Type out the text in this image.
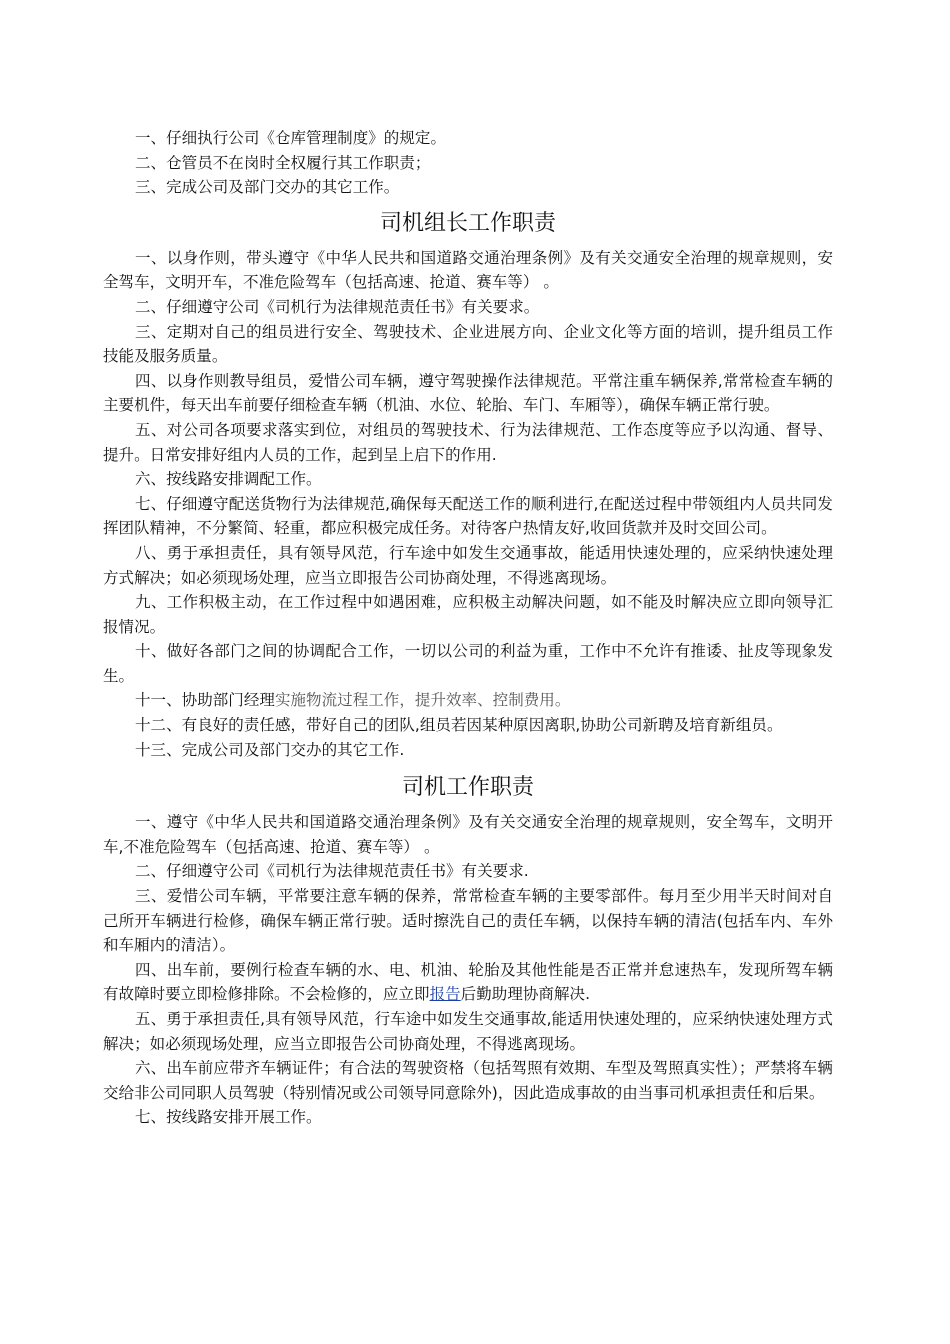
一、仔细执行公司《仓库管理制度》的规定。

二、仓管员不在岗时全权履行其工作职责；

三、完成公司及部门交办的其它工作。

司机组长工作职责

一、以身作则，带头遵守《中华人民共和国道路交通治理条例》及有关交通安全治理的规章规则，安全驾车，文明开车，不准危险驾车（包括高速、抢道、赛车等） 。

二、仔细遵守公司《司机行为法律规范责任书》有关要求。

三、定期对自己的组员进行安全、驾驶技术、企业进展方向、企业文化等方面的培训，提升组员工作技能及服务质量。

四、以身作则教导组员，爱惜公司车辆，遵守驾驶操作法律规范。平常注重车辆保养,常常检查车辆的主要机件，每天出车前要仔细检查车辆（机油、水位、轮胎、车门、车厢等），确保车辆正常行驶。

五、对公司各项要求落实到位，对组员的驾驶技术、行为法律规范、工作态度等应予以沟通、督导、提升。日常安排好组内人员的工作，起到呈上启下的作用.

六、按线路安排调配工作。

七、仔细遵守配送货物行为法律规范,确保每天配送工作的顺利进行,在配送过程中带领组内人员共同发挥团队精神，不分繁简、轻重，都应积极完成任务。对待客户热情友好,收回货款并及时交回公司。

八、勇于承担责任，具有领导风范，行车途中如发生交通事故，能适用快速处理的，应采纳快速处理方式解决；如必须现场处理，应当立即报告公司协商处理，不得逃离现场。

九、工作积极主动，在工作过程中如遇困难，应积极主动解决问题，如不能及时解决应立即向领导汇报情况。

十、做好各部门之间的协调配合工作，一切以公司的利益为重，工作中不允许有推诿、扯皮等现象发生。

十一、协助部门经理实施物流过程工作，提升效率、控制费用。

十二、有良好的责任感，带好自己的团队,组员若因某种原因离职,协助公司新聘及培育新组员。

十三、完成公司及部门交办的其它工作.

司机工作职责

一、遵守《中华人民共和国道路交通治理条例》及有关交通安全治理的规章规则，安全驾车，文明开车,不准危险驾车（包括高速、抢道、赛车等） 。

二、仔细遵守公司《司机行为法律规范责任书》有关要求.

三、爱惜公司车辆，平常要注意车辆的保养，常常检查车辆的主要零部件。每月至少用半天时间对自己所开车辆进行检修，确保车辆正常行驶。适时擦洗自己的责任车辆，以保持车辆的清洁(包括车内、车外和车厢内的清洁）。

四、出车前，要例行检查车辆的水、电、机油、轮胎及其他性能是否正常并怠速热车，发现所驾车辆有故障时要立即检修排除。不会检修的，应立即报告后勤助理协商解决.

五、勇于承担责任,具有领导风范，行车途中如发生交通事故,能适用快速处理的，应采纳快速处理方式解决；如必须现场处理，应当立即报告公司协商处理，不得逃离现场。

六、出车前应带齐车辆证件；有合法的驾驶资格（包括驾照有效期、车型及驾照真实性）；严禁将车辆交给非公司同职人员驾驶（特别情况或公司领导同意除外)，因此造成事故的由当事司机承担责任和后果。

七、按线路安排开展工作。
